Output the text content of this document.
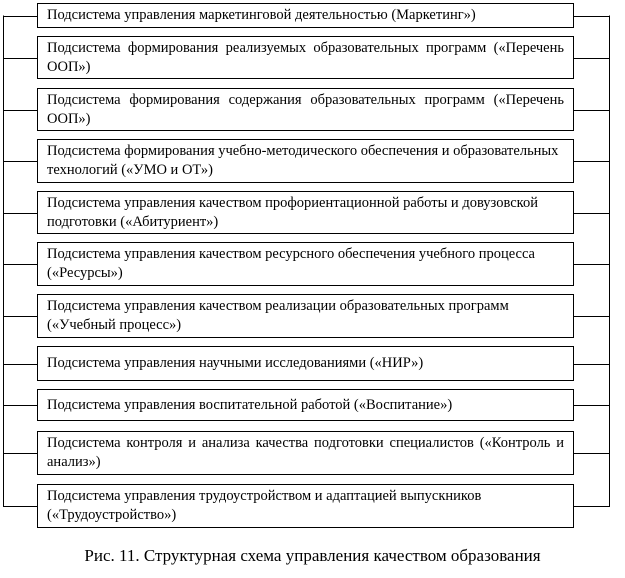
Подсистема управления маркетинговой деятельностью (Маркетинг»)
Подсистема формирования реализуемых образовательных программ («Перечень ООП»)
Подсистема формирования содержания образовательных программ («Перечень ООП»)
Подсистема формирования учебно-методического обеспечения и образовательных технологий («УМО и ОТ»)
Подсистема управления качеством профориентационной работы и довузовской подготовки («Абитуриент»)
Подсистема управления качеством ресурсного обеспечения учебного процесса («Ресурсы»)
Подсистема управления качеством реализации образовательных программ («Учебный процесс»)
Подсистема управления научными исследованиями («НИР»)
Подсистема управления воспитательной работой («Воспитание»)
Подсистема контроля и анализа качества подготовки специалистов («Контроль и анализ»)
Подсистема управления трудоустройством и адаптацией выпускников («Трудоустройство»)
Рис. 11. Структурная схема управления качеством образования
